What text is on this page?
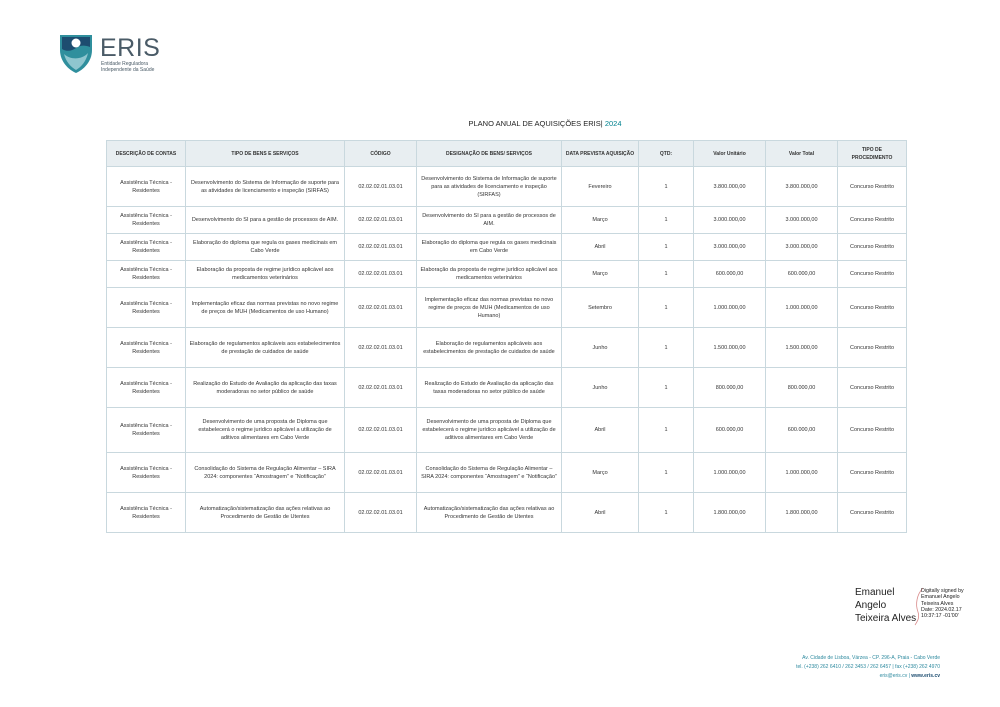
ERIS
Entidade Reguladora
Independente da Saúde
PLANO ANUAL DE AQUISIÇÕES ERIS| 2024
DESCRIÇÃO DE CONTAS	TIPO DE BENS E SERVIÇOS	CÓDIGO	DESIGNAÇÃO DE BENS/ SERVIÇOS	DATA PREVISTA AQUISIÇÃO	QTD:	Valor Unitário	Valor Total	TIPO DE PROCEDIMENTO
Assistência Técnica - Residentes	Desenvolvimento do Sistema de Informação de suporte para as atividades de licenciamento e inspeção (SIRFAS)	02.02.02.01.03.01	Desenvolvimento do Sistema de Informação de suporte para as atividades de licenciamento e inspeção (SIRFAS)	Fevereiro	1	3.800.000,00	3.800.000,00	Concurso Restrito
Assistência Técnica - Residentes	Desenvolvimento do SI para a gestão de processos de AIM.	02.02.02.01.03.01	Desenvolvimento do SI para a gestão de processos de AIM.	Março	1	3.000.000,00	3.000.000,00	Concurso Restrito
Assistência Técnica - Residentes	Elaboração do diploma que regula os gases medicinais em Cabo Verde	02.02.02.01.03.01	Elaboração do diploma que regula os gases medicinais em Cabo Verde	Abril	1	3.000.000,00	3.000.000,00	Concurso Restrito
Assistência Técnica - Residentes	Elaboração da proposta de regime jurídico aplicável aos medicamentos veterinários	02.02.02.01.03.01	Elaboração da proposta de regime jurídico aplicável aos medicamentos veterinários	Março	1	600.000,00	600.000,00	Concurso Restrito
Assistência Técnica - Residentes	Implementação eficaz das normas previstas no novo regime de preços de MUH (Medicamentos de uso Humano)	02.02.02.01.03.01	Implementação eficaz das normas previstas no novo regime de preços de MUH (Medicamentos de uso Humano)	Setembro	1	1.000.000,00	1.000.000,00	Concurso Restrito
Assistência Técnica - Residentes	Elaboração de regulamentos aplicáveis aos estabelecimentos de prestação de cuidados de saúde	02.02.02.01.03.01	Elaboração de regulamentos aplicáveis aos estabelecimentos de prestação de cuidados de saúde	Junho	1	1.500.000,00	1.500.000,00	Concurso Restrito
Assistência Técnica - Residentes	Realização do Estudo de Avaliação da aplicação das taxas moderadoras no setor público de saúde	02.02.02.01.03.01	Realização do Estudo de Avaliação da aplicação das taxas moderadoras no setor público de saúde	Junho	1	800.000,00	800.000,00	Concurso Restrito
Assistência Técnica - Residentes	Desenvolvimento de uma proposta de Diploma que estabelecerá o regime jurídico aplicável a utilização de aditivos alimentares em Cabo Verde	02.02.02.01.03.01	Desenvolvimento de uma proposta de Diploma que estabelecerá o regime jurídico aplicável a utilização de aditivos alimentares em Cabo Verde	Abril	1	600.000,00	600.000,00	Concurso Restrito
Assistência Técnica - Residentes	Consolidação do Sistema de Regulação Alimentar – SIRA 2024: componentes “Amostragem” e “Notificação”	02.02.02.01.03.01	Consolidação do Sistema de Regulação Alimentar – SIRA 2024: componentes “Amostragem” e “Notificação”	Março	1	1.000.000,00	1.000.000,00	Concurso Restrito
Assistência Técnica - Residentes	Automatização/sistematização das ações relativas ao Procedimento de Gestão de Utentes	02.02.02.01.03.01	Automatização/sistematização das ações relativas ao Procedimento de Gestão de Utentes	Abril	1	1.800.000,00	1.800.000,00	Concurso Restrito
Emanuel
Angelo
Teixeira Alves
Digitally signed by
Emanuel Angelo
Teixeira Alves
Date: 2024.02.17
10:37:17 -01'00'
Av. Cidade de Lisboa, Várzea - CP. 296-A, Praia - Cabo Verde
tel. (+238) 262 6410 / 262 3453 / 262 6457 | fax (+238) 262 4970
eris@eris.cv | www.eris.cv
